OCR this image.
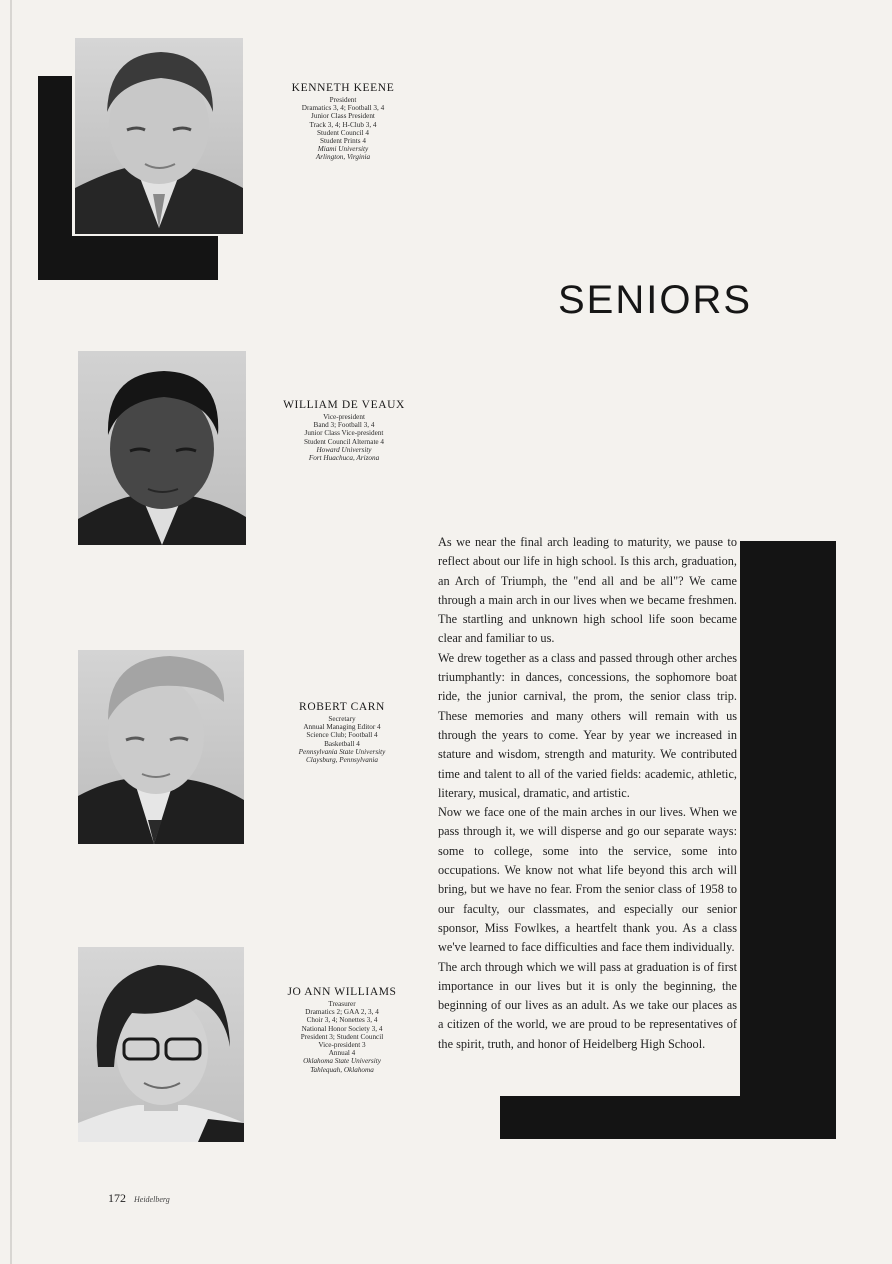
KENNETH KEENE
President
Dramatics 3, 4; Football 3, 4
Junior Class President
Track 3, 4; H-Club 3, 4
Student Council 4
Student Prints 4
Miami University
Arlington, Virginia
WILLIAM DE VEAUX
Vice-president
Band 3; Football 3, 4
Junior Class Vice-president
Student Council Alternate 4
Howard University
Fort Huachuca, Arizona
ROBERT CARN
Secretary
Annual Managing Editor 4
Science Club; Football 4
Basketball 4
Pennsylvania State University
Claysburg, Pennsylvania
JO ANN WILLIAMS
Treasurer
Dramatics 2; GAA 2, 3, 4
Choir 3, 4; Nonettes 3, 4
National Honor Society 3, 4
President 3; Student Council
Vice-president 3
Annual 4
Oklahoma State University
Tahlequah, Oklahoma
SENIORS

As we near the final arch leading to maturity, we pause to reflect about our life in high school. Is this arch, graduation, an Arch of Triumph, the "end all and be all"? We came through a main arch in our lives when we became freshmen. The startling and unknown high school life soon became clear and familiar to us.

We drew together as a class and passed through other arches triumphantly: in dances, concessions, the sophomore boat ride, the junior carnival, the prom, the senior class trip. These memories and many others will remain with us through the years to come. Year by year we increased in stature and wisdom, strength and maturity. We contributed time and talent to all of the varied fields: academic, athletic, literary, musical, dramatic, and artistic.

Now we face one of the main arches in our lives. When we pass through it, we will disperse and go our separate ways: some to college, some into the service, some into occupations. We know not what life beyond this arch will bring, but we have no fear. From the senior class of 1958 to our faculty, our classmates, and especially our senior sponsor, Miss Fowlkes, a heartfelt thank you. As a class we've learned to face difficulties and face them individually.

The arch through which we will pass at graduation is of first importance in our lives but it is only the beginning, the beginning of our lives as an adult. As we take our places as a citizen of the world, we are proud to be representatives of the spirit, truth, and honor of Heidelberg High School.

172 Heidelberg
